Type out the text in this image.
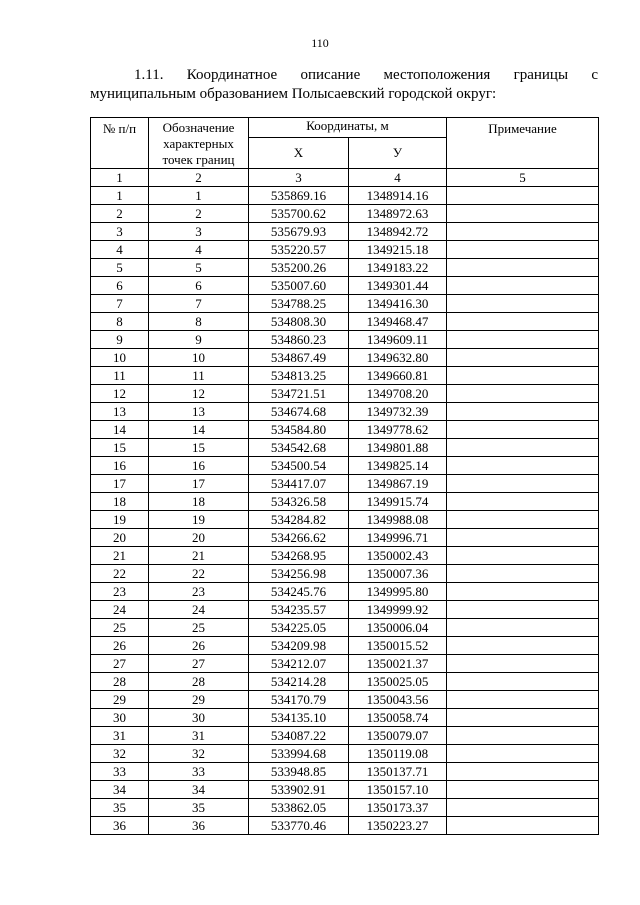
110
1.11. Координатное описание местоположения границы с
муниципальным образованием Полысаевский городской округ:
№ п/п	Обозначение характерных точек границ	Координаты, м		Примечание
		Х	У	
1	2	3	4	5
1	1	535869.16	1348914.16	
2	2	535700.62	1348972.63	
3	3	535679.93	1348942.72	
4	4	535220.57	1349215.18	
5	5	535200.26	1349183.22	
6	6	535007.60	1349301.44	
7	7	534788.25	1349416.30	
8	8	534808.30	1349468.47	
9	9	534860.23	1349609.11	
10	10	534867.49	1349632.80	
11	11	534813.25	1349660.81	
12	12	534721.51	1349708.20	
13	13	534674.68	1349732.39	
14	14	534584.80	1349778.62	
15	15	534542.68	1349801.88	
16	16	534500.54	1349825.14	
17	17	534417.07	1349867.19	
18	18	534326.58	1349915.74	
19	19	534284.82	1349988.08	
20	20	534266.62	1349996.71	
21	21	534268.95	1350002.43	
22	22	534256.98	1350007.36	
23	23	534245.76	1349995.80	
24	24	534235.57	1349999.92	
25	25	534225.05	1350006.04	
26	26	534209.98	1350015.52	
27	27	534212.07	1350021.37	
28	28	534214.28	1350025.05	
29	29	534170.79	1350043.56	
30	30	534135.10	1350058.74	
31	31	534087.22	1350079.07	
32	32	533994.68	1350119.08	
33	33	533948.85	1350137.71	
34	34	533902.91	1350157.10	
35	35	533862.05	1350173.37	
36	36	533770.46	1350223.27	
